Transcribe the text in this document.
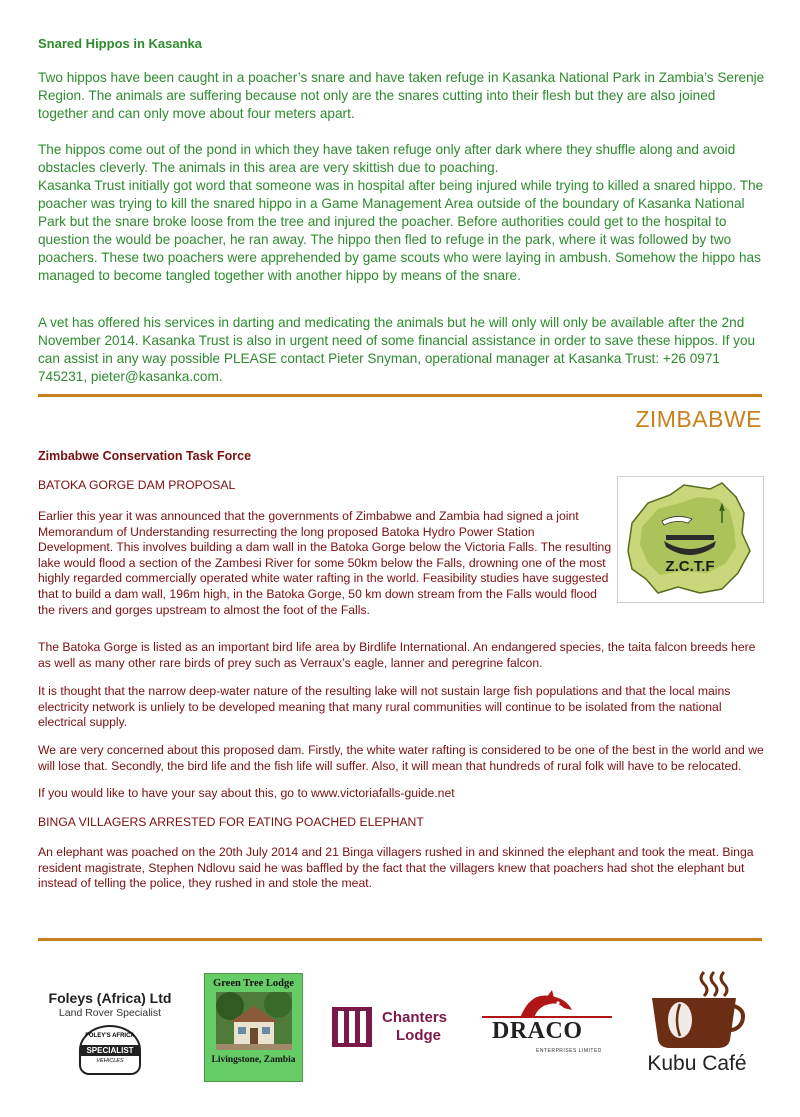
Snared Hippos in Kasanka

Two hippos have been caught in a poacher’s snare and have taken refuge in Kasanka National Park in Zambia’s Serenje Region. The animals are suffering because not only are the snares cutting into their flesh but they are also joined together and can only move about four meters apart.

The hippos come out of the pond in which they have taken refuge only after dark where they shuffle along and avoid obstacles cleverly. The animals in this area are very skittish due to poaching.

Kasanka Trust initially got word that someone was in hospital after being injured while trying to killed a snared hippo. The poacher was trying to kill the snared hippo in a Game Management Area outside of the boundary of Kasanka National Park but the snare broke loose from the tree and injured the poacher. Before authorities could get to the hospital to question the would be poacher, he ran away. The hippo then fled to refuge in the park, where it was followed by two poachers. These two poachers were apprehended by game scouts who were laying in ambush. Somehow the hippo has managed to become tangled together with another hippo by means of the snare.

A vet has offered his services in darting and medicating the animals but he will only will only be available after the 2nd November 2014. Kasanka Trust is also in urgent need of some financial assistance in order to save these hippos. If you can assist in any way possible PLEASE contact Pieter Snyman, operational manager at Kasanka Trust: +26 0971 745231, pieter@kasanka.com.

ZIMBABWE
Zimbabwe Conservation Task Force

BATOKA GORGE DAM PROPOSAL

Earlier this year it was announced that the governments of Zimbabwe and Zambia had signed a joint Memorandum of Understanding resurrecting the long proposed Batoka Hydro Power Station Development. This involves building a dam wall in the Batoka Gorge below the Victoria Falls. The resulting lake would flood a section of the Zambesi River for some 50km below the Falls, drowning one of the most highly regarded commercially operated white water rafting in the world. Feasibility studies have suggested that to build a dam wall, 196m high, in the Batoka Gorge, 50 km down stream from the Falls would flood the rivers and gorges upstream to almost the foot of the Falls.

Z.C.T.F

The Batoka Gorge is listed as an important bird life area by Birdlife International. An endangered species, the taita falcon breeds here as well as many other rare birds of prey such as Verraux’s eagle, lanner and peregrine falcon.

It is thought that the narrow deep-water nature of the resulting lake will not sustain large fish populations and that the local mains electricity network is unliely to be developed meaning that many rural communities will continue to be isolated from the national electrical supply.

We are very concerned about this proposed dam. Firstly, the white water rafting is considered to be one of the best in the world and we will lose that. Secondly, the bird life and the fish life will suffer. Also, it will mean that hundreds of rural folk will have to be relocated.

If you would like to have your say about this, go to www.victoriafalls-guide.net

BINGA VILLAGERS ARRESTED FOR EATING POACHED ELEPHANT

An elephant was poached on the 20th July 2014 and 21 Binga villagers rushed in and skinned the elephant and took the meat. Binga resident magistrate, Stephen Ndlovu said he was baffled by the fact that the villagers knew that poachers had shot the elephant but instead of telling the police, they rushed in and stole the meat.

Foleys (Africa) Ltd
Land Rover Specialist
FOLEY'S AFRICA
SPECIALIST
VEHICLES
Green Tree Lodge
Livingstone, Zambia
Chanters
Lodge DRACO
ENTERPRISES LIMITED
Kubu Café
